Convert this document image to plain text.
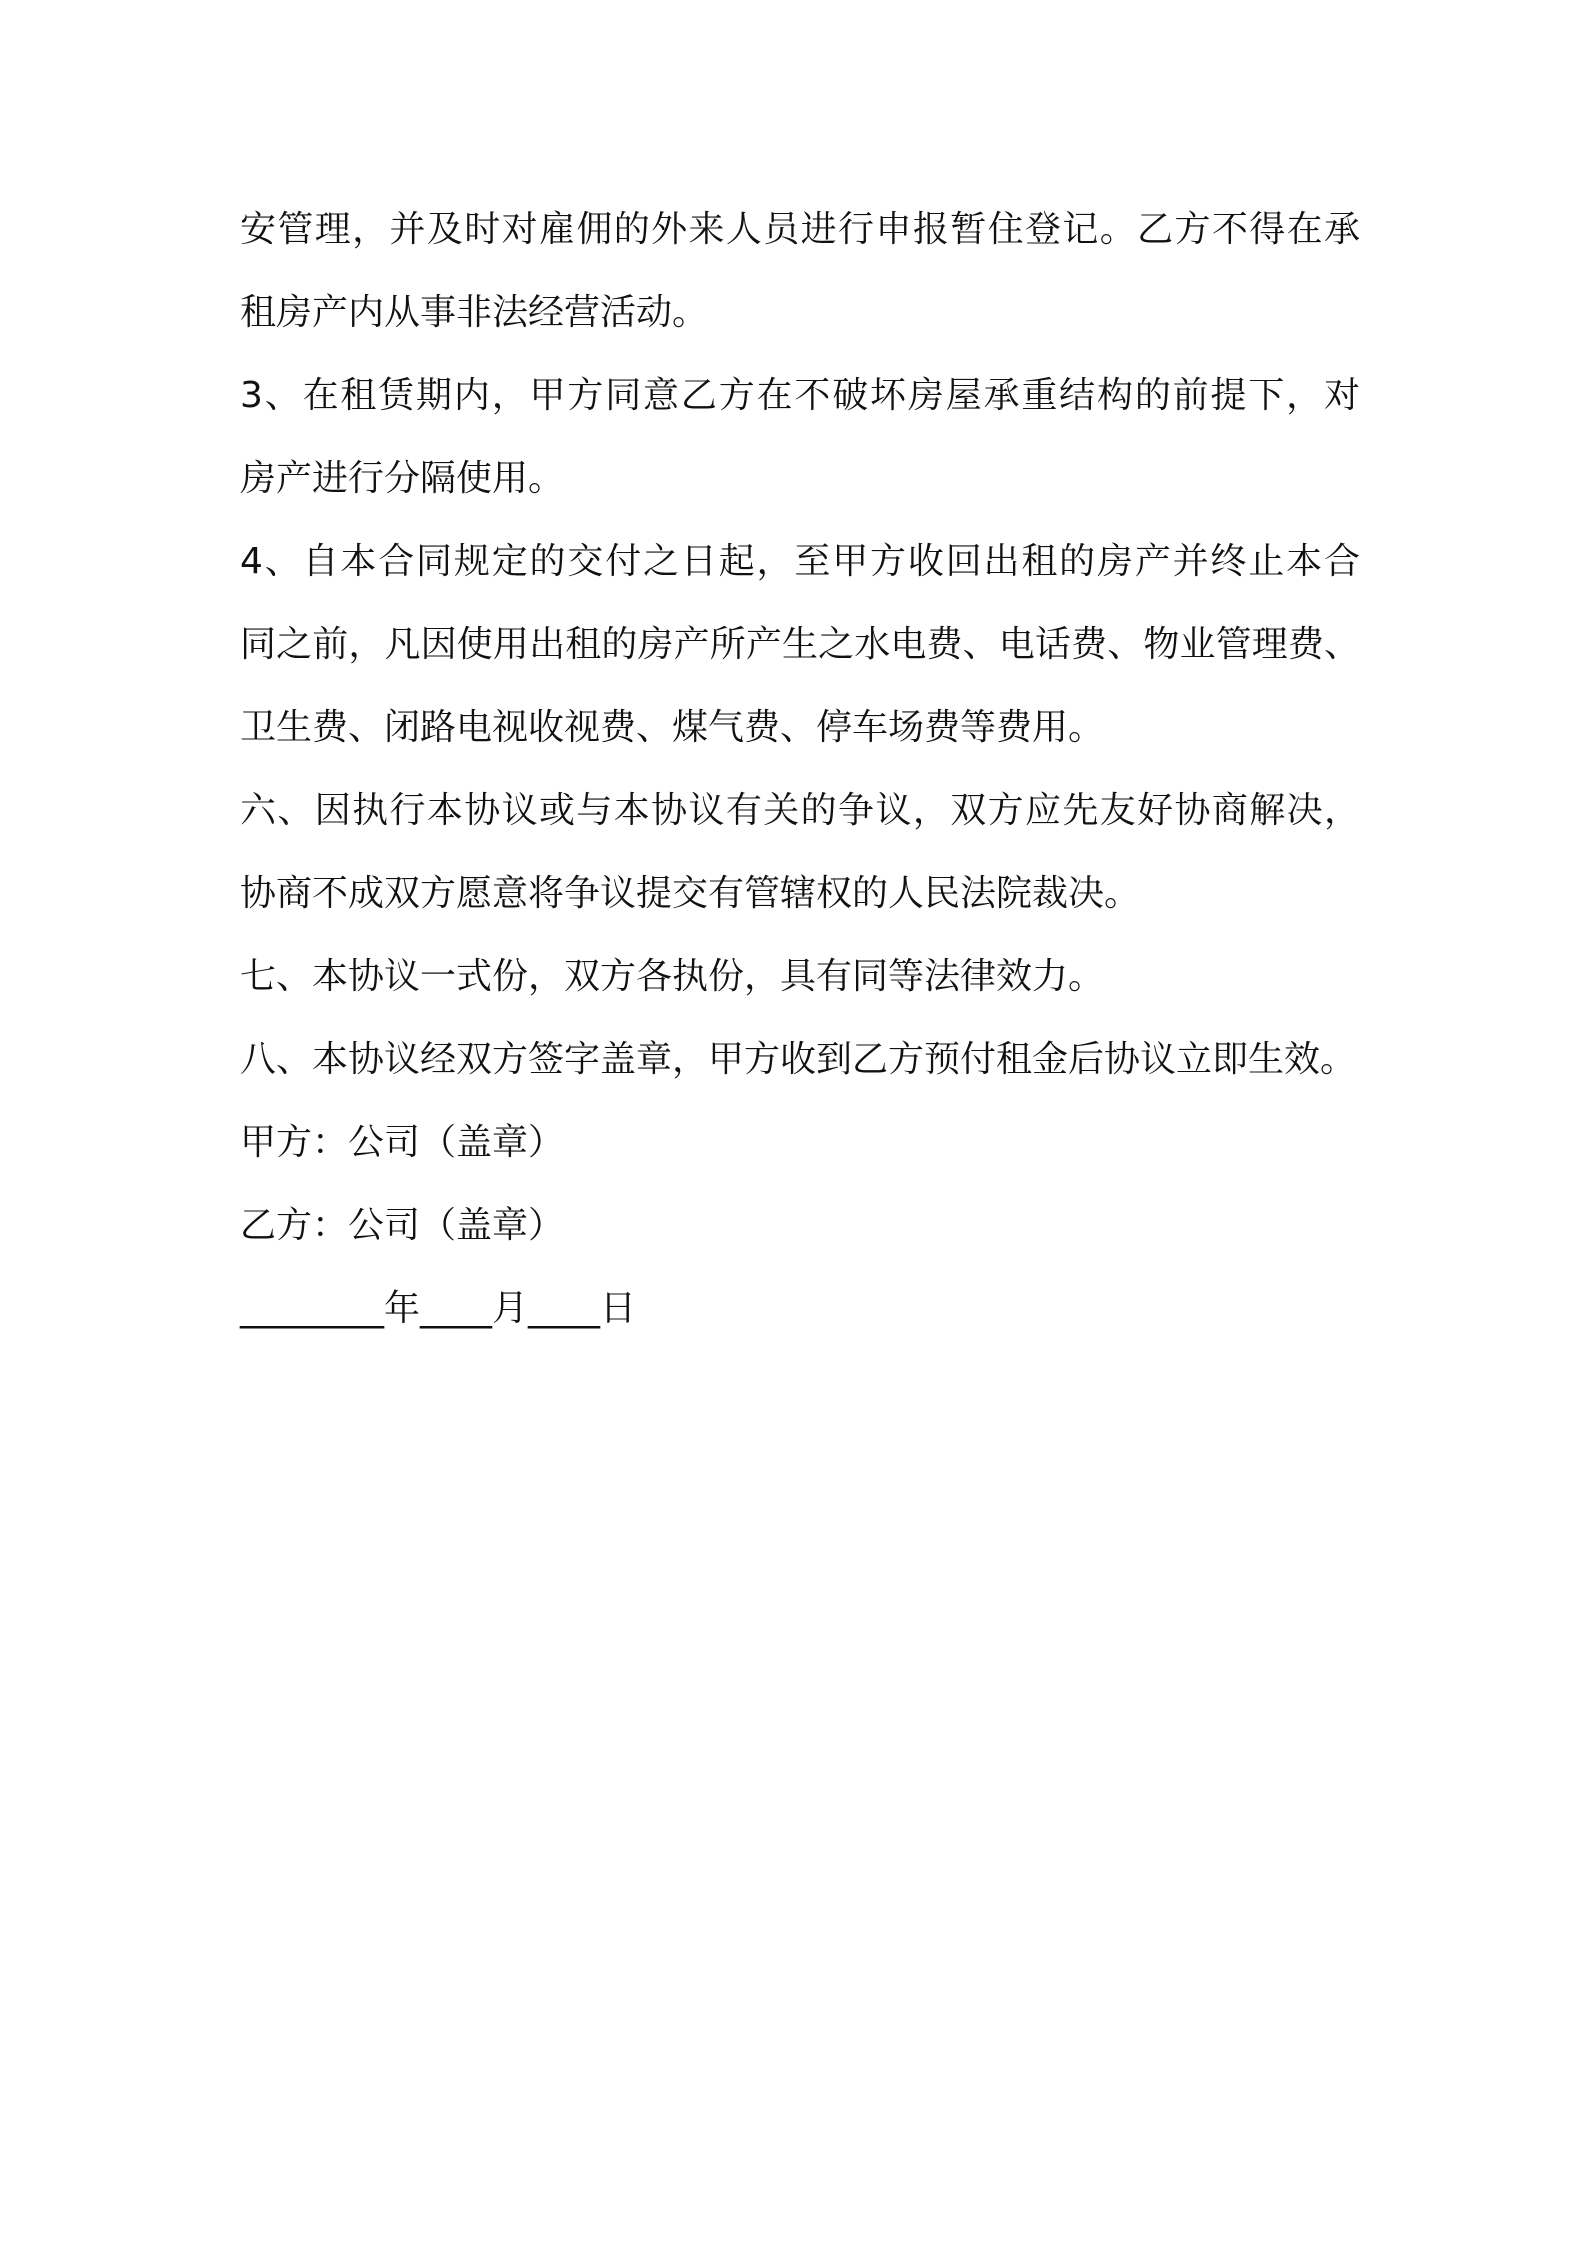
安管理，并及时对雇佣的外来人员进行申报暂住登记。乙方不得在承
租房产内从事非法经营活动。
3、在租赁期内，甲方同意乙方在不破坏房屋承重结构的前提下，对
房产进行分隔使用。
4、自本合同规定的交付之日起，至甲方收回出租的房产并终止本合
同之前，凡因使用出租的房产所产生之水电费、电话费、物业管理费、
卫生费、闭路电视收视费、煤气费、停车场费等费用。
六、因执行本协议或与本协议有关的争议，双方应先友好协商解决，
协商不成双方愿意将争议提交有管辖权的人民法院裁决。
七、本协议一式份，双方各执份，具有同等法律效力。
八、本协议经双方签字盖章，甲方收到乙方预付租金后协议立即生效。
甲方：公司（盖章）
乙方：公司（盖章）
________年____月____日
